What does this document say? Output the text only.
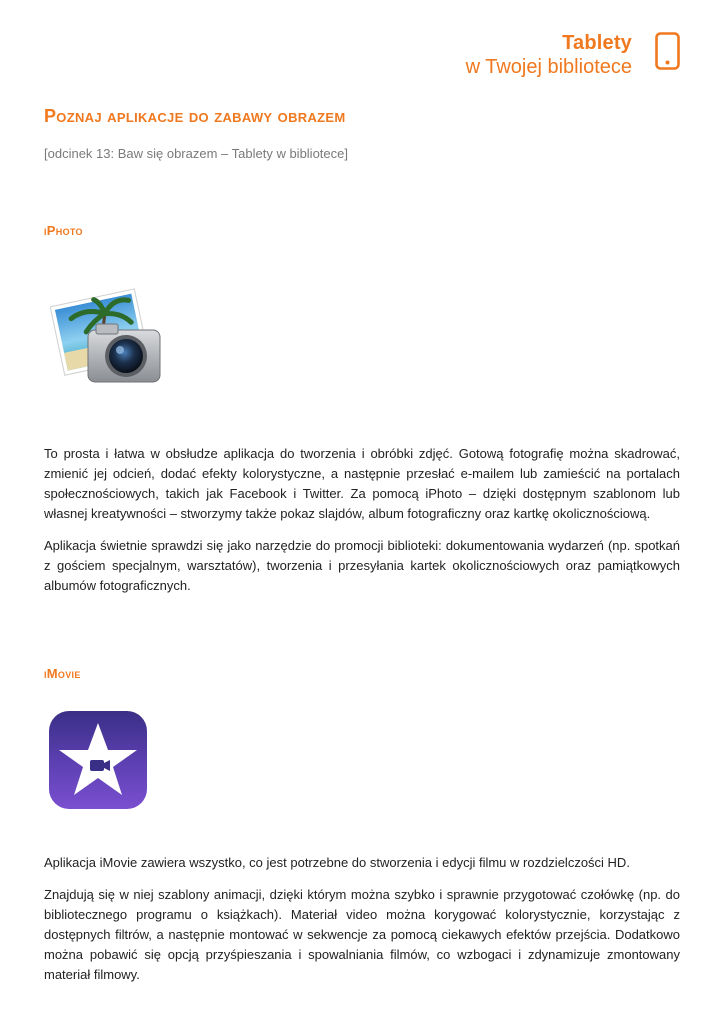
Tablety
w Twojej bibliotece
Poznaj aplikacje do zabawy obrazem
[odcinek 13: Baw się obrazem – Tablety w bibliotece]
iPhoto

To prosta i łatwa w obsłudze aplikacja do tworzenia i obróbki zdjęć. Gotową fotografię można skadrować, zmienić jej odcień, dodać efekty kolorystyczne, a następnie przesłać e-mailem lub zamieścić na portalach społecznościowych, takich jak Facebook i Twitter. Za pomocą iPhoto – dzięki dostępnym szablonom lub własnej kreatywności – stworzymy także pokaz slajdów, album fotograficzny oraz kartkę okolicznościową.

Aplikacja świetnie sprawdzi się jako narzędzie do promocji biblioteki: dokumentowania wydarzeń (np. spotkań z gościem specjalnym, warsztatów), tworzenia i przesyłania kartek okolicznościowych oraz pamiątkowych albumów fotograficznych.

iMovie

Aplikacja iMovie zawiera wszystko, co jest potrzebne do stworzenia i edycji filmu w rozdzielczości HD.

Znajdują się w niej szablony animacji, dzięki którym można szybko i sprawnie przygotować czołówkę (np. do bibliotecznego programu o książkach). Materiał video można korygować kolorystycznie, korzystając z dostępnych filtrów, a następnie montować w sekwencje za pomocą ciekawych efektów przejścia. Dodatkowo można pobawić się opcją przyśpieszania i spowalniania filmów, co wzbogaci i zdynamizuje zmontowany materiał filmowy.
